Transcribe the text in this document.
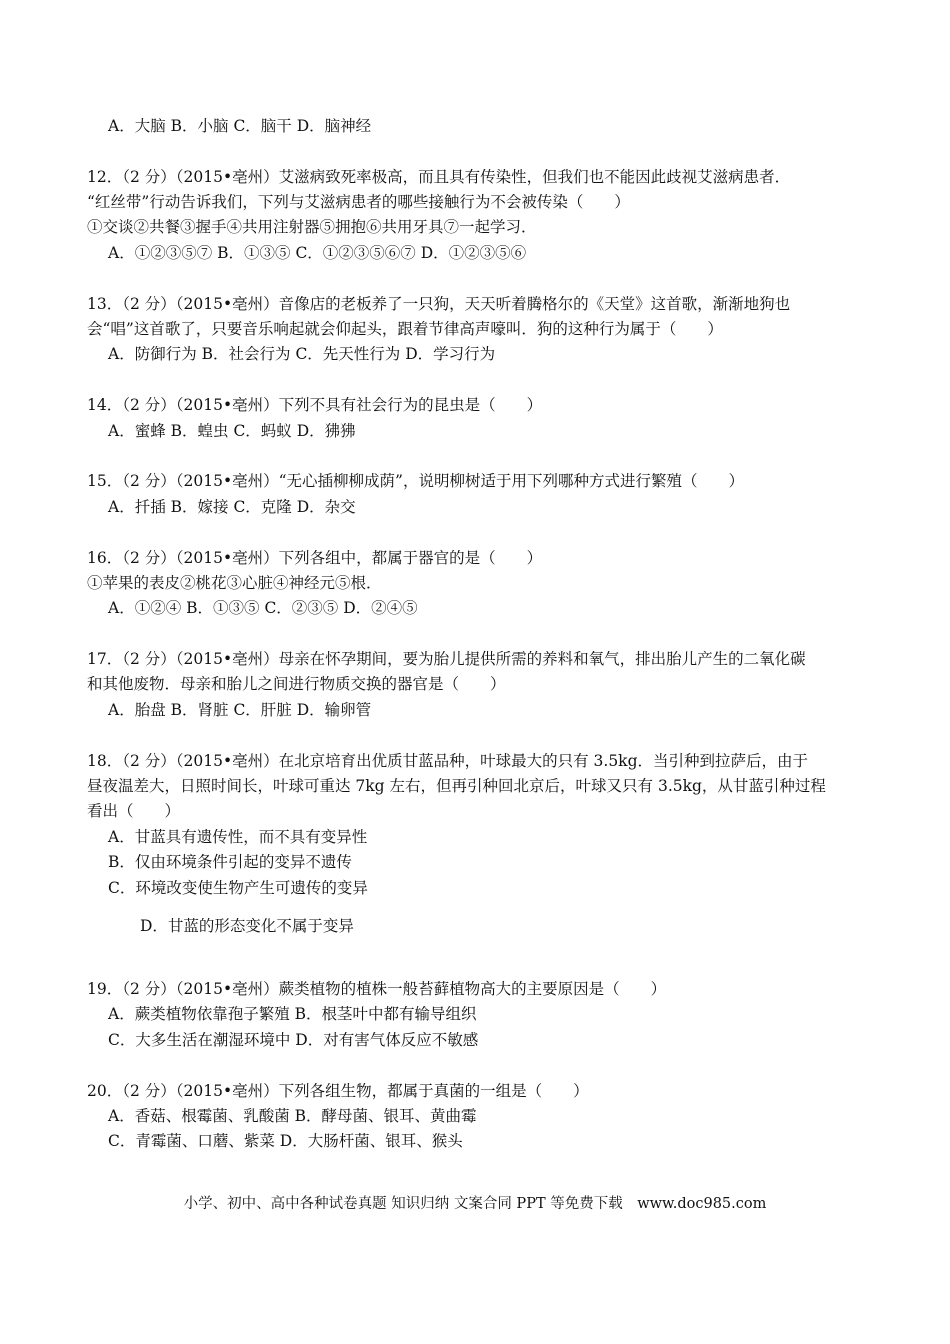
A．大脑 B．小脑 C．脑干 D．脑神经
12．（2 分）（2015•亳州）艾滋病致死率极高，而且具有传染性，但我们也不能因此歧视艾滋病患者．
“红丝带”行动告诉我们，下列与艾滋病患者的哪些接触行为不会被传染（　　）
①交谈②共餐③握手④共用注射器⑤拥抱⑥共用牙具⑦一起学习．
A．①②③⑤⑦ B．①③⑤ C．①②③⑤⑥⑦ D．①②③⑤⑥
13．（2 分）（2015•亳州）音像店的老板养了一只狗，天天听着腾格尔的《天堂》这首歌，渐渐地狗也
会“唱”这首歌了，只要音乐响起就会仰起头，跟着节律高声嚎叫．狗的这种行为属于（　　）
A．防御行为 B．社会行为 C．先天性行为 D．学习行为
14．（2 分）（2015•亳州）下列不具有社会行为的昆虫是（　　）
A．蜜蜂 B．蝗虫 C．蚂蚁 D．狒狒
15．（2 分）（2015•亳州）“无心插柳柳成荫”，说明柳树适于用下列哪种方式进行繁殖（　　）
A．扦插 B．嫁接 C．克隆 D．杂交
16．（2 分）（2015•亳州）下列各组中，都属于器官的是（　　）
①苹果的表皮②桃花③心脏④神经元⑤根．
A．①②④ B．①③⑤ C．②③⑤ D．②④⑤
17．（2 分）（2015•亳州）母亲在怀孕期间，要为胎儿提供所需的养料和氧气，排出胎儿产生的二氧化碳
和其他废物．母亲和胎儿之间进行物质交换的器官是（　　）
A．胎盘 B．肾脏 C．肝脏 D．输卵管
18．（2 分）（2015•亳州）在北京培育出优质甘蓝品种，叶球最大的只有 3.5kg．当引种到拉萨后，由于
昼夜温差大，日照时间长，叶球可重达 7kg 左右，但再引种回北京后，叶球又只有 3.5kg，从甘蓝引种过程
看出（　　）
A．甘蓝具有遗传性，而不具有变异性
B．仅由环境条件引起的变异不遗传
C．环境改变使生物产生可遗传的变异
D．甘蓝的形态变化不属于变异
19．（2 分）（2015•亳州）蕨类植物的植株一般苔藓植物高大的主要原因是（　　）
A．蕨类植物依靠孢子繁殖 B．根茎叶中都有输导组织
C．大多生活在潮湿环境中 D．对有害气体反应不敏感
20．（2 分）（2015•亳州）下列各组生物，都属于真菌的一组是（　　）
A．香菇、根霉菌、乳酸菌 B．酵母菌、银耳、黄曲霉
C．青霉菌、口蘑、紫菜 D．大肠杆菌、银耳、猴头
小学、初中、高中各种试卷真题 知识归纳 文案合同 PPT 等免费下载　www.doc985.com
